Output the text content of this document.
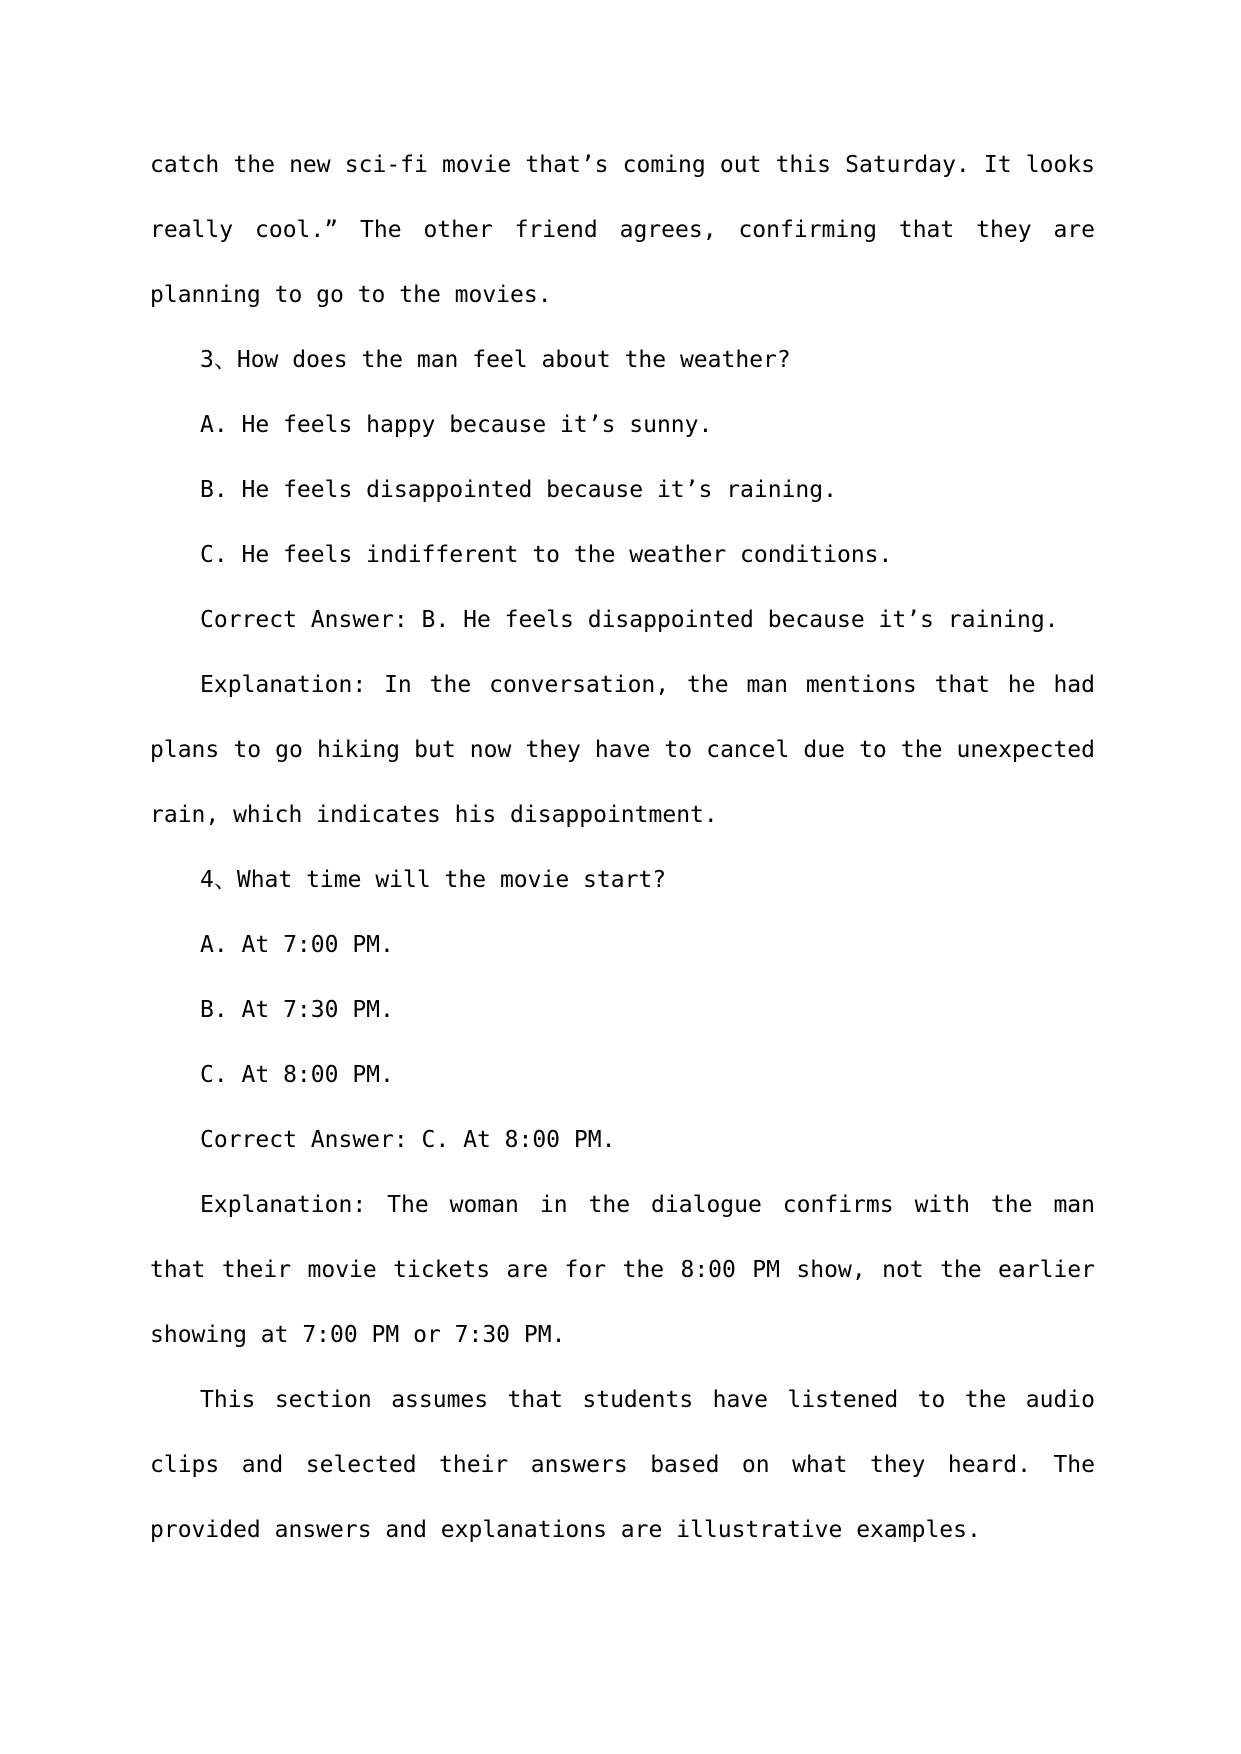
catch the new sci-fi movie that’s coming out this Saturday. It looks really cool.” The other friend agrees, confirming that they are planning to go to the movies.

3、How does the man feel about the weather?

A. He feels happy because it’s sunny.

B. He feels disappointed because it’s raining.

C. He feels indifferent to the weather conditions.

Correct Answer: B. He feels disappointed because it’s raining.

Explanation: In the conversation, the man mentions that he had plans to go hiking but now they have to cancel due to the unexpected rain, which indicates his disappointment.

4、What time will the movie start?

A. At 7:00 PM.

B. At 7:30 PM.

C. At 8:00 PM.

Correct Answer: C. At 8:00 PM.

Explanation: The woman in the dialogue confirms with the man that their movie tickets are for the 8:00 PM show, not the earlier showing at 7:00 PM or 7:30 PM.

This section assumes that students have listened to the audio clips and selected their answers based on what they heard. The provided answers and explanations are illustrative examples.
